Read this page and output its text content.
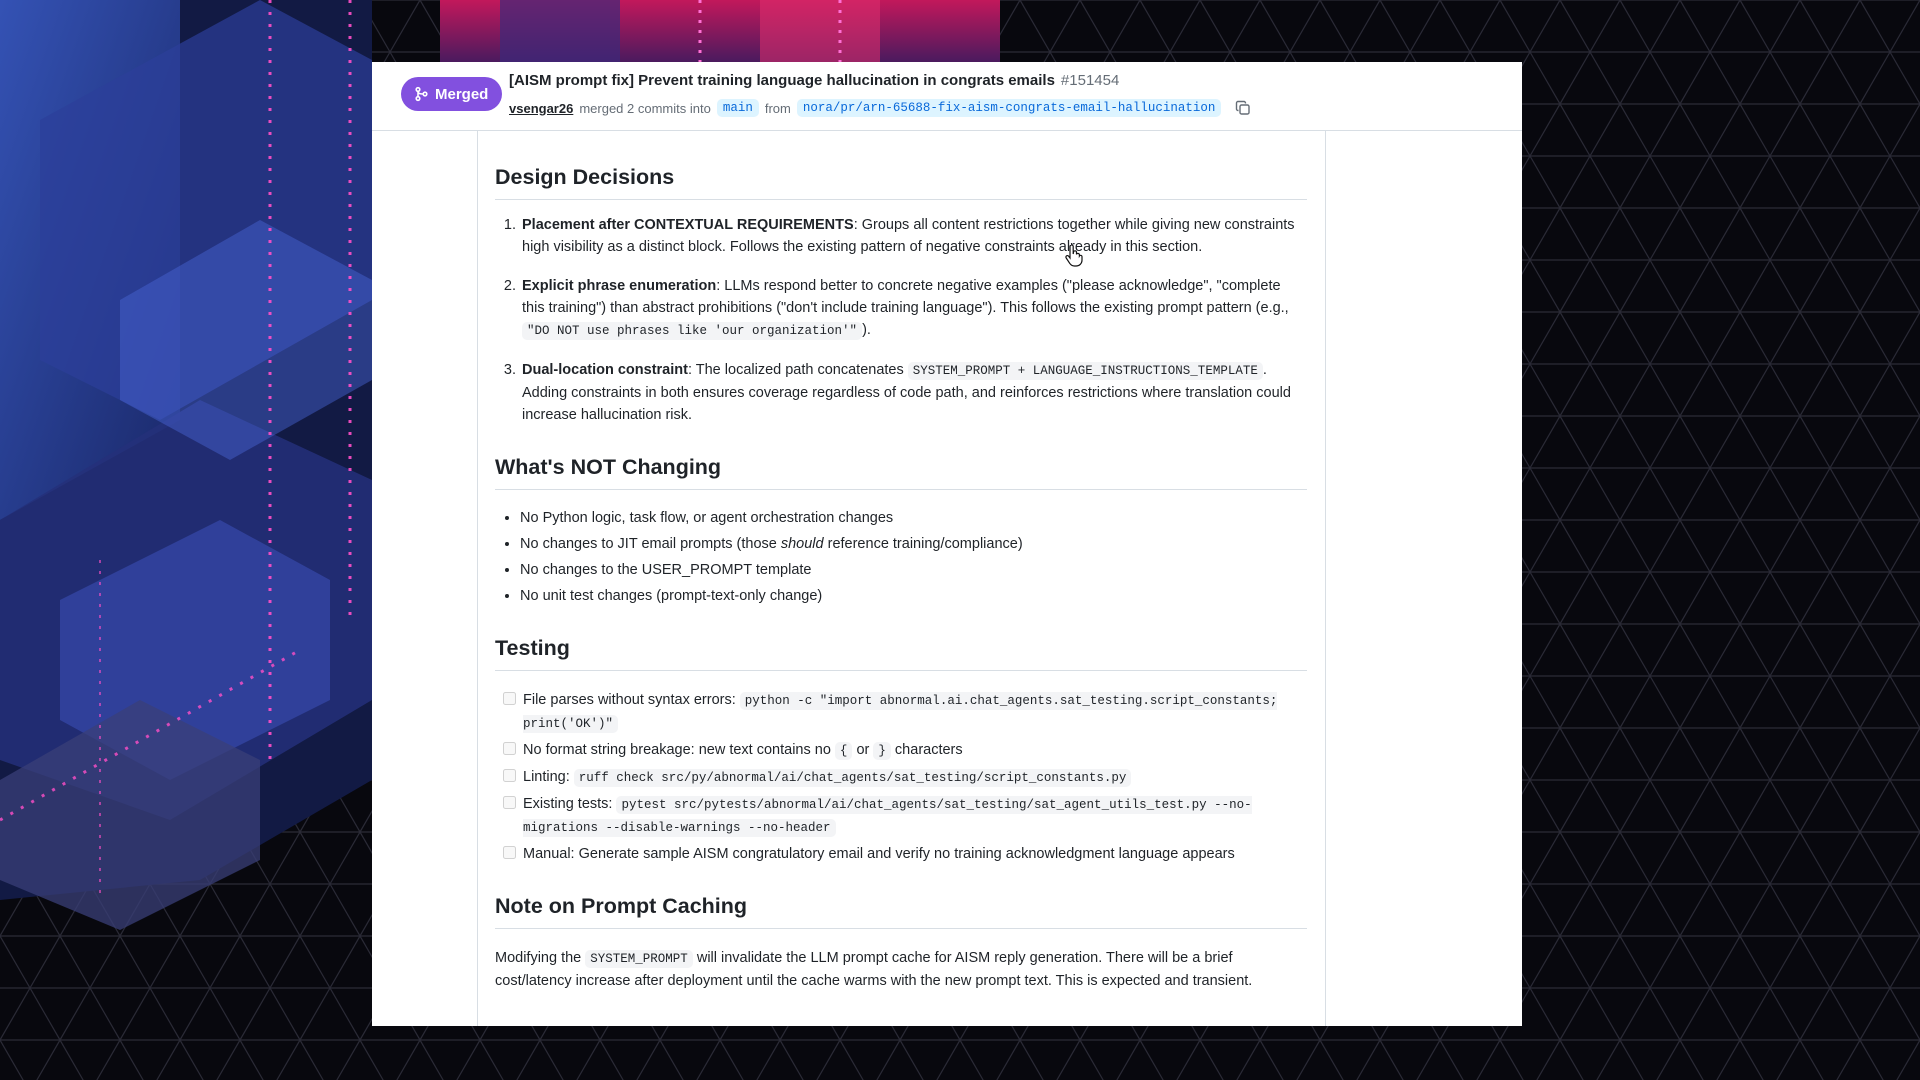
Merged
[AISM prompt fix] Prevent training language hallucination in congrats emails #151454
vsengar26 merged 2 commits into main from nora/pr/arn-65688-fix-aism-congrats-email-hallucination
Design Decisions
1. Placement after CONTEXTUAL REQUIREMENTS: Groups all content restrictions together while giving new constraints high visibility as a distinct block. Follows the existing pattern of negative constraints already in this section.
2. Explicit phrase enumeration: LLMs respond better to concrete negative examples ("please acknowledge", "complete this training") than abstract prohibitions ("don't include training language"). This follows the existing prompt pattern (e.g., "DO NOT use phrases like 'our organization'" ).
3. Dual-location constraint: The localized path concatenates SYSTEM_PROMPT + LANGUAGE_INSTRUCTIONS_TEMPLATE . Adding constraints in both ensures coverage regardless of code path, and reinforces restrictions where translation could increase hallucination risk.
What's NOT Changing
• No Python logic, task flow, or agent orchestration changes
• No changes to JIT email prompts (those should reference training/compliance)
• No changes to the USER_PROMPT template
• No unit test changes (prompt-text-only change)
Testing
File parses without syntax errors: python -c "import abnormal.ai.chat_agents.sat_testing.script_constants; print('OK')"
No format string breakage: new text contains no { or } characters
Linting: ruff check src/py/abnormal/ai/chat_agents/sat_testing/script_constants.py
Existing tests: pytest src/pytests/abnormal/ai/chat_agents/sat_testing/sat_agent_utils_test.py --no-migrations --disable-warnings --no-header
Manual: Generate sample AISM congratulatory email and verify no training acknowledgment language appears
Note on Prompt Caching

Modifying the SYSTEM_PROMPT will invalidate the LLM prompt cache for AISM reply generation. There will be a brief cost/latency increase after deployment until the cache warms with the new prompt text. This is expected and transient.
